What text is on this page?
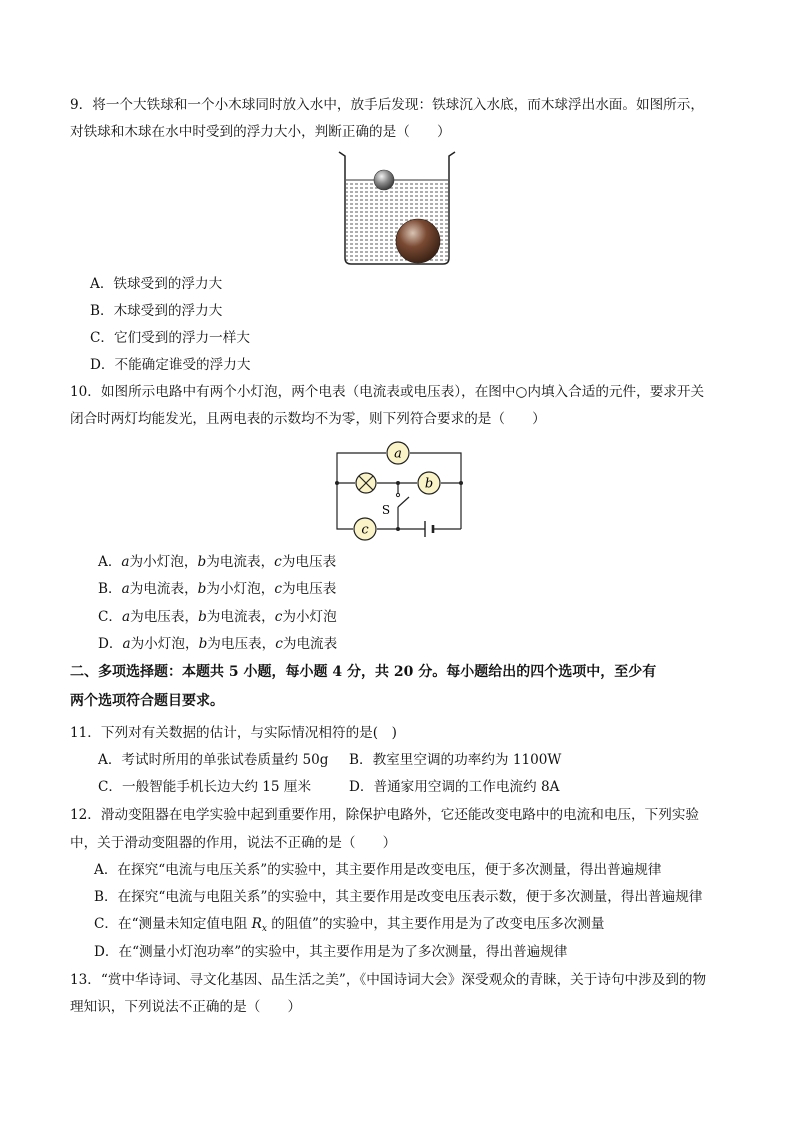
9．将一个大铁球和一个小木球同时放入水中，放手后发现：铁球沉入水底，而木球浮出水面。如图所示，
对铁球和木球在水中时受到的浮力大小，判断正确的是（　　）
A．铁球受到的浮力大
B．木球受到的浮力大
C．它们受到的浮力一样大
D．不能确定谁受的浮力大
10．如图所示电路中有两个小灯泡，两个电表（电流表或电压表），在图中○内填入合适的元件，要求开关
闭合时两灯均能发光，且两电表的示数均不为零，则下列符合要求的是（　　）
a
b
c
S
A．a为小灯泡，b为电流表，c为电压表
B．a为电流表，b为小灯泡，c为电压表
C．a为电压表，b为电流表，c为小灯泡
D．a为小灯泡，b为电压表，c为电流表
二、多项选择题：本题共 5 小题，每小题 4 分，共 20 分。每小题给出的四个选项中，至少有
两个选项符合题目要求。
11．下列对有关数据的估计，与实际情况相符的是(　)
A．考试时所用的单张试卷质量约 50g B．教室里空调的功率约为 1100W
C．一般智能手机长边大约 15 厘米	D．普通家用空调的工作电流约 8A
12．滑动变阻器在电学实验中起到重要作用，除保护电路外，它还能改变电路中的电流和电压，下列实验
中，关于滑动变阻器的作用，说法不正确的是（　　）
A．在探究“电流与电压关系”的实验中，其主要作用是改变电压，便于多次测量，得出普遍规律
B．在探究“电流与电阻关系”的实验中，其主要作用是改变电压表示数，便于多次测量，得出普遍规律
C．在“测量未知定值电阻 $R_x$ 的阻值”的实验中，其主要作用是为了改变电压多次测量
D．在“测量小灯泡功率”的实验中，其主要作用是为了多次测量，得出普遍规律
13．“赏中华诗词、寻文化基因、品生活之美”，《中国诗词大会》深受观众的青睐，关于诗句中涉及到的物
理知识，下列说法不正确的是（　　）
